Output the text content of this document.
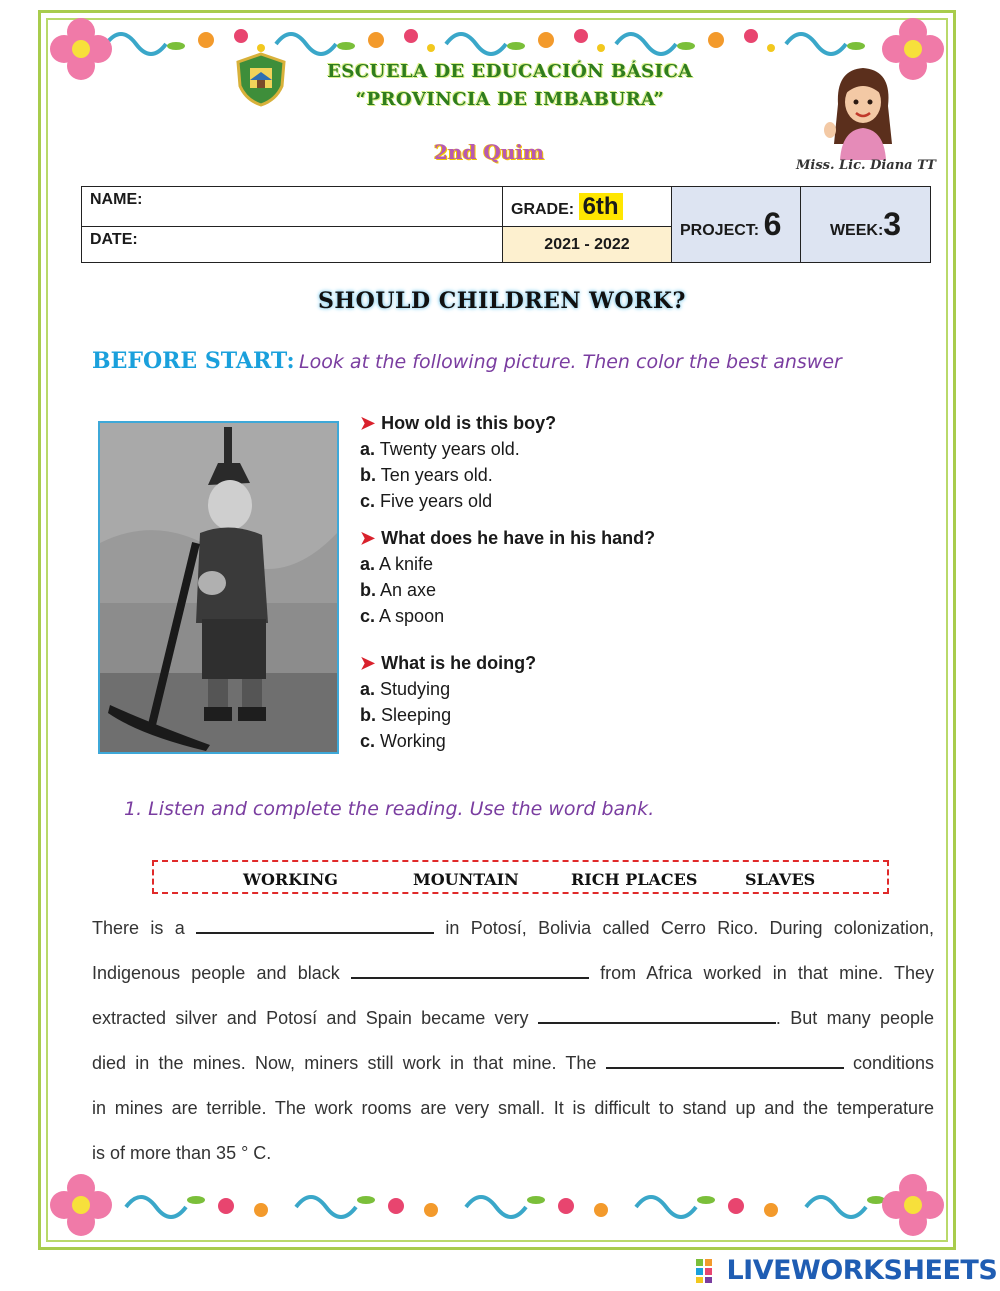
ESCUELA DE EDUCACIÓN BÁSICA
“PROVINCIA DE IMBABURA”
2nd Quim
Miss. Lic. Diana TT
NAME:	GRADE: 6th	PROJECT: 6	WEEK:3
DATE:	2021 - 2022		
SHOULD CHILDREN WORK?
BEFORE START: Look at the following picture. Then color the best answer
➤ How old is this boy?
a. Twenty years old.
b. Ten years old.
c. Five years old
➤ What does he have in his hand?
a. A knife
b. An axe
c. A spoon
➤ What is he doing?
a. Studying
b. Sleeping
c. Working
1. Listen and complete the reading. Use the word bank.
WORKING	MOUNTAIN	RICH PLACES	SLAVES
There is a	in Potosí, Bolivia called Cerro Rico. During colonization,
Indigenous people and black	from Africa worked in that mine. They
extracted silver and Potosí and Spain became very	. But many people
died in the mines. Now, miners still work in that mine. The	conditions
in mines are terrible. The work rooms are very small. It is difficult to stand up and the temperature
is of more than 35 ° C.
LIVEWORKSHEETS
